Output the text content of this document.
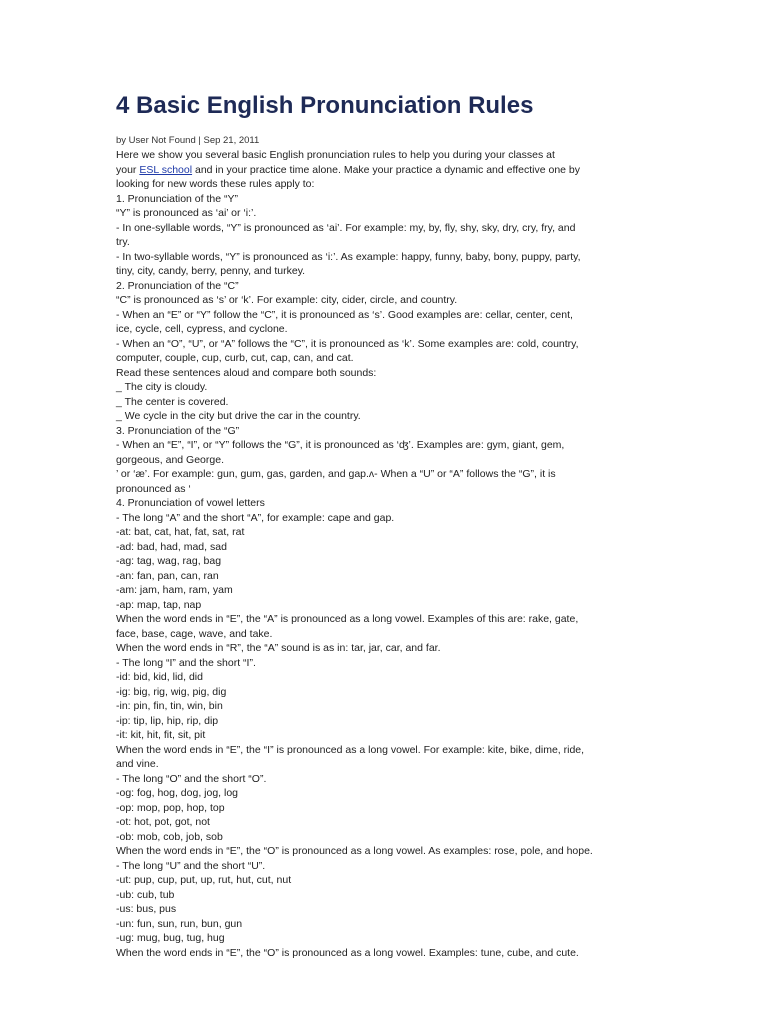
4 Basic English Pronunciation Rules
by User Not Found | Sep 21, 2011
Here we show you several basic English pronunciation rules to help you during your classes at
your ESL school and in your practice time alone. Make your practice a dynamic and effective one by
looking for new words these rules apply to:
1. Pronunciation of the “Y”
“Y” is pronounced as ‘ai’ or ‘i:’.
- In one-syllable words, “Y” is pronounced as ‘ai’. For example: my, by, fly, shy, sky, dry, cry, fry, and
try.
- In two-syllable words, “Y” is pronounced as ‘i:’. As example: happy, funny, baby, bony, puppy, party,
tiny, city, candy, berry, penny, and turkey.
2. Pronunciation of the “C”
“C” is pronounced as ‘s’ or ‘k’. For example: city, cider, circle, and country.
- When an “E” or “Y” follow the “C”, it is pronounced as ‘s’. Good examples are: cellar, center, cent,
ice, cycle, cell, cypress, and cyclone.
- When an “O”, “U”, or “A” follows the “C”, it is pronounced as ‘k’. Some examples are: cold, country,
computer, couple, cup, curb, cut, cap, can, and cat.
Read these sentences aloud and compare both sounds:
_ The city is cloudy.
_ The center is covered.
_ We cycle in the city but drive the car in the country.
3. Pronunciation of the “G”
- When an “E”, “I”, or “Y” follows the “G”, it is pronounced as ‘ʤ’. Examples are: gym, giant, gem,
gorgeous, and George.
’ or ‘æ’. For example: gun, gum, gas, garden, and gap.ʌ- When a “U” or “A” follows the “G”, it is
pronounced as ‘
4. Pronunciation of vowel letters
- The long “A” and the short “A”, for example: cape and gap.
-at: bat, cat, hat, fat, sat, rat
-ad: bad, had, mad, sad
-ag: tag, wag, rag, bag
-an: fan, pan, can, ran
-am: jam, ham, ram, yam
-ap: map, tap, nap
When the word ends in “E”, the “A” is pronounced as a long vowel. Examples of this are: rake, gate,
face, base, cage, wave, and take.
When the word ends in “R”, the “A” sound is as in: tar, jar, car, and far.
- The long “I” and the short “I”.
-id: bid, kid, lid, did
-ig: big, rig, wig, pig, dig
-in: pin, fin, tin, win, bin
-ip: tip, lip, hip, rip, dip
-it: kit, hit, fit, sit, pit
When the word ends in “E”, the “I” is pronounced as a long vowel. For example: kite, bike, dime, ride,
and vine.
- The long “O” and the short “O”.
-og: fog, hog, dog, jog, log
-op: mop, pop, hop, top
-ot: hot, pot, got, not
-ob: mob, cob, job, sob
When the word ends in “E”, the “O” is pronounced as a long vowel. As examples: rose, pole, and hope.
- The long “U” and the short “U”.
-ut: pup, cup, put, up, rut, hut, cut, nut
-ub: cub, tub
-us: bus, pus
-un: fun, sun, run, bun, gun
-ug: mug, bug, tug, hug
When the word ends in “E”, the “O” is pronounced as a long vowel. Examples: tune, cube, and cute.
